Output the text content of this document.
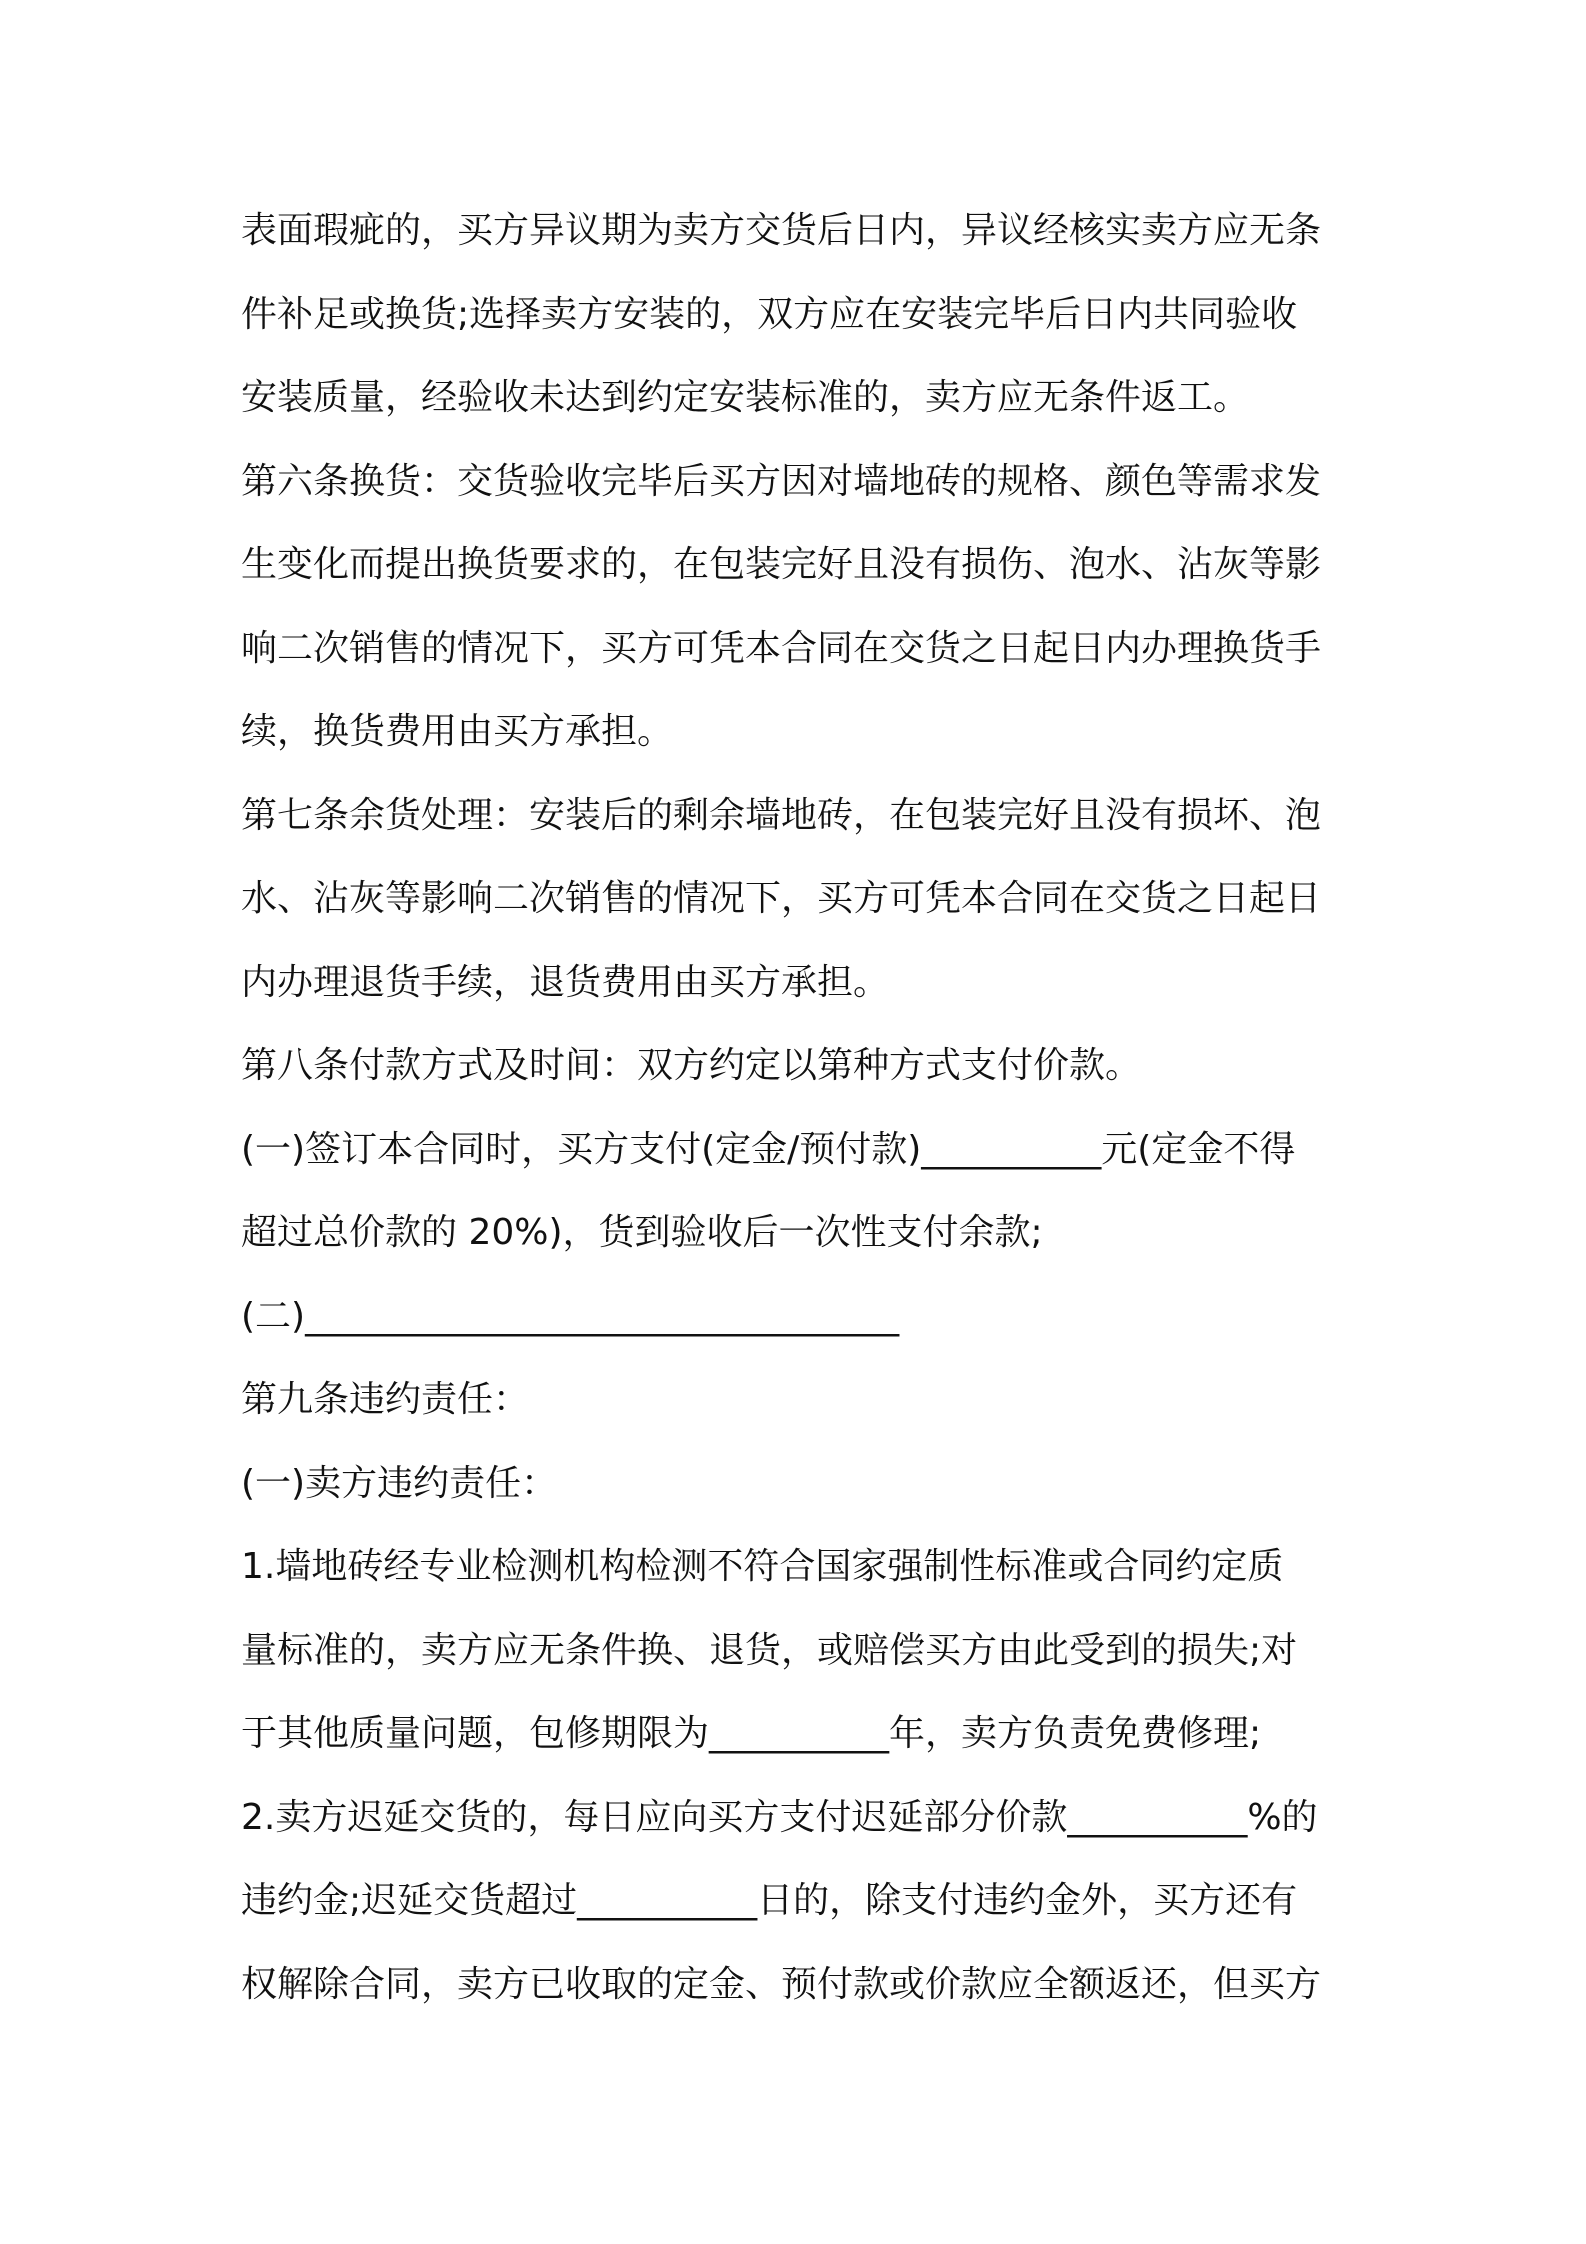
表面瑕疵的，买方异议期为卖方交货后日内，异议经核实卖方应无条
件补足或换货;选择卖方安装的，双方应在安装完毕后日内共同验收
安装质量，经验收未达到约定安装标准的，卖方应无条件返工。
第六条换货：交货验收完毕后买方因对墙地砖的规格、颜色等需求发
生变化而提出换货要求的，在包装完好且没有损伤、泡水、沾灰等影
响二次销售的情况下，买方可凭本合同在交货之日起日内办理换货手
续，换货费用由买方承担。
第七条余货处理：安装后的剩余墙地砖，在包装完好且没有损坏、泡
水、沾灰等影响二次销售的情况下，买方可凭本合同在交货之日起日
内办理退货手续，退货费用由买方承担。
第八条付款方式及时间：双方约定以第种方式支付价款。
(一)签订本合同时，买方支付(定金/预付款)__________元(定金不得
超过总价款的 20%)，货到验收后一次性支付余款;
(二)_________________________________
第九条违约责任：
(一)卖方违约责任：
1.墙地砖经专业检测机构检测不符合国家强制性标准或合同约定质
量标准的，卖方应无条件换、退货，或赔偿买方由此受到的损失;对
于其他质量问题，包修期限为__________年，卖方负责免费修理;
2.卖方迟延交货的，每日应向买方支付迟延部分价款__________%的
违约金;迟延交货超过__________日的，除支付违约金外，买方还有
权解除合同，卖方已收取的定金、预付款或价款应全额返还，但买方
